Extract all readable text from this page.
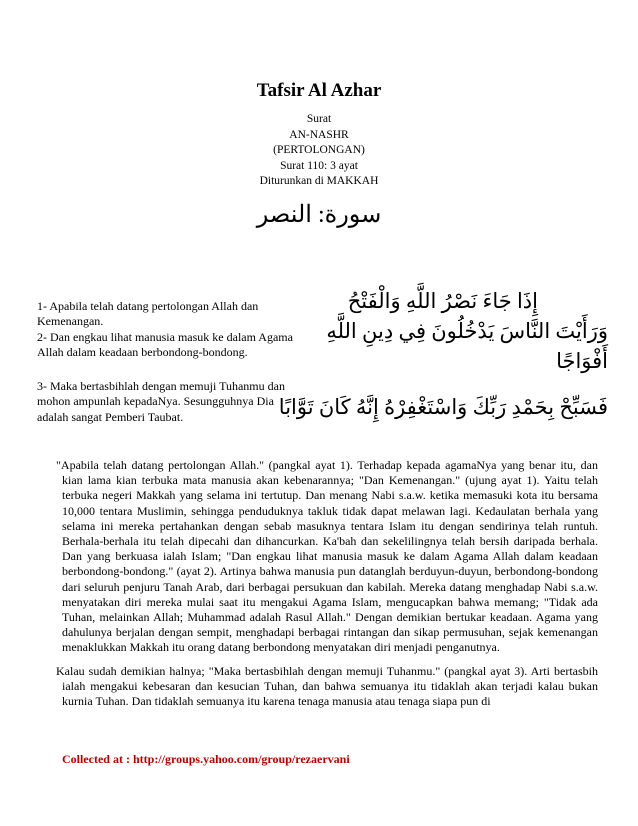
Tafsir Al Azhar
Surat
AN-NASHR
(PERTOLONGAN)
Surat 110: 3 ayat
Diturunkan di MAKKAH
سورة: النصر
1- Apabila telah datang pertolongan Allah dan Kemenangan.
2- Dan engkau lihat manusia masuk ke dalam Agama Allah dalam keadaan berbondong-bondong.
3- Maka bertasbihlah dengan memuji Tuhanmu dan mohon ampunlah kepadaNya. Sesungguhnya Dia adalah sangat Pemberi Taubat.
إِذَا جَاءَ نَصْرُ اللَّهِ وَالْفَتْحُ
وَرَأَيْتَ النَّاسَ يَدْخُلُونَ فِي دِينِ اللَّهِ
أَفْوَاجًا
فَسَبِّحْ بِحَمْدِ رَبِّكَ وَاسْتَغْفِرْهُ إِنَّهُ كَانَ تَوَّابًا

"Apabila telah datang pertolongan Allah." (pangkal ayat 1). Terhadap kepada agamaNya yang benar itu, dan kian lama kian terbuka mata manusia akan kebenarannya; "Dan Kemenangan." (ujung ayat 1). Yaitu telah terbuka negeri Makkah yang selama ini tertutup. Dan menang Nabi s.a.w. ketika memasuki kota itu bersama 10,000 tentara Muslimin, sehingga penduduknya takluk tidak dapat melawan lagi. Kedaulatan berhala yang selama ini mereka pertahankan dengan sebab masuknya tentara Islam itu dengan sendirinya telah runtuh. Berhala-berhala itu telah dipecahi dan dihancurkan. Ka'bah dan sekelilingnya telah bersih daripada berhala. Dan yang berkuasa ialah Islam; "Dan engkau lihat manusia masuk ke dalam Agama Allah dalam keadaan berbondong-bondong." (ayat 2). Artinya bahwa manusia pun datanglah berduyun-duyun, berbondong-bondong dari seluruh penjuru Tanah Arab, dari berbagai persukuan dan kabilah. Mereka datang menghadap Nabi s.a.w. menyatakan diri mereka mulai saat itu mengakui Agama Islam, mengucapkan bahwa memang; "Tidak ada Tuhan, melainkan Allah; Muhammad adalah Rasul Allah." Dengan demikian bertukar keadaan. Agama yang dahulunya berjalan dengan sempit, menghadapi berbagai rintangan dan sikap permusuhan, sejak kemenangan menaklukkan Makkah itu orang datang berbondong menyatakan diri menjadi penganutnya.

Kalau sudah demikian halnya; "Maka bertasbihlah dengan memuji Tuhanmu." (pangkal ayat 3). Arti bertasbih ialah mengakui kebesaran dan kesucian Tuhan, dan bahwa semuanya itu tidaklah akan terjadi kalau bukan kurnia Tuhan. Dan tidaklah semuanya itu karena tenaga manusia atau tenaga siapa pun di

Collected at : http://groups.yahoo.com/group/rezaervani
